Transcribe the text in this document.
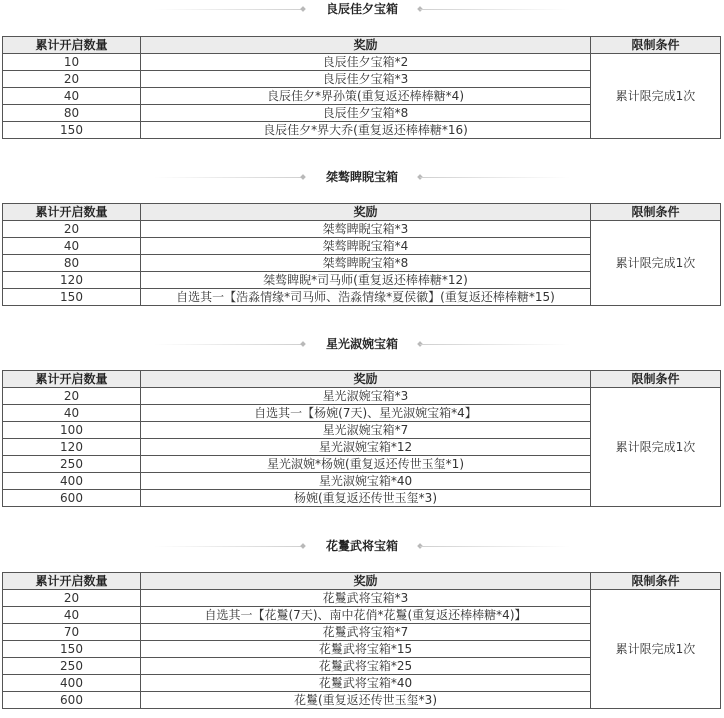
良辰佳夕宝箱
累计开启数量	奖励	限制条件
10	良辰佳夕宝箱*2	累计限完成1次
20	良辰佳夕宝箱*3	
40	良辰佳夕*界孙策(重复返还棒棒糖*4)	
80	良辰佳夕宝箱*8	
150	良辰佳夕*界大乔(重复返还棒棒糖*16)	
桀骜睥睨宝箱
累计开启数量	奖励	限制条件
20	桀骜睥睨宝箱*3	累计限完成1次
40	桀骜睥睨宝箱*4	
80	桀骜睥睨宝箱*8	
120	桀骜睥睨*司马师(重复返还棒棒糖*12)	
150	自选其一【浩淼情缘*司马师、浩淼情缘*夏侯徽】(重复返还棒棒糖*15)	
星光淑婉宝箱
累计开启数量	奖励	限制条件
20	星光淑婉宝箱*3	累计限完成1次
40	自选其一【杨婉(7天)、星光淑婉宝箱*4】	
100	星光淑婉宝箱*7	
120	星光淑婉宝箱*12	
250	星光淑婉*杨婉(重复返还传世玉玺*1)	
400	星光淑婉宝箱*40	
600	杨婉(重复返还传世玉玺*3)	
花鬘武将宝箱
累计开启数量	奖励	限制条件
20	花鬘武将宝箱*3	累计限完成1次
40	自选其一【花鬘(7天)、南中花俏*花鬘(重复返还棒棒糖*4)】	
70	花鬘武将宝箱*7	
150	花鬘武将宝箱*15	
250	花鬘武将宝箱*25	
400	花鬘武将宝箱*40	
600	花鬘(重复返还传世玉玺*3)	
